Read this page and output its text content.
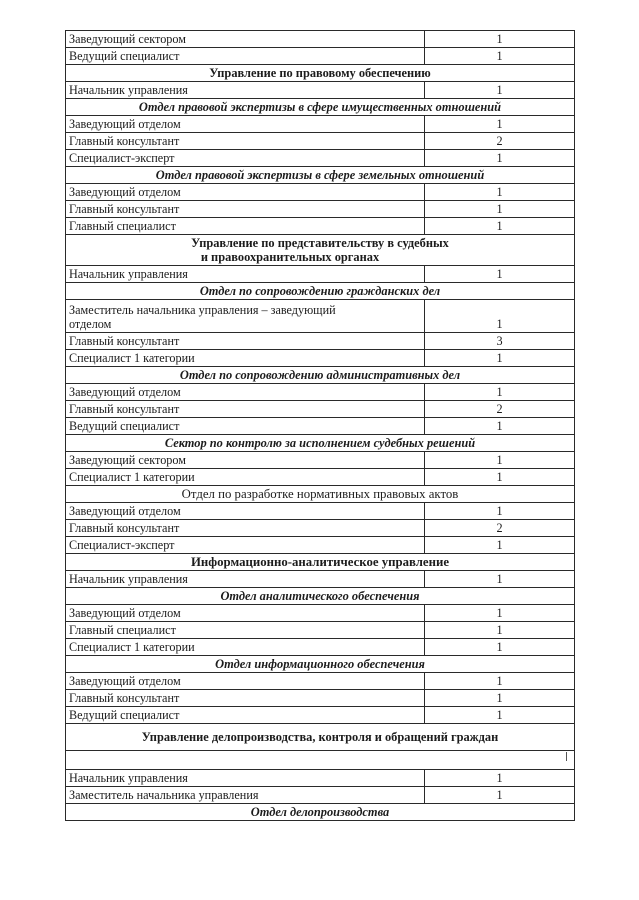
Заведующий сектором	1
Ведущий специалист	1
Управление по правовому обеспечению	
Начальник управления	1
Отдел правовой экспертизы в сфере имущественных отношений	
Заведующий отделом	1
Главный консультант	2
Специалист-эксперт	1
Отдел правовой экспертизы в сфере земельных отношений	
Заведующий отделом	1
Главный консультант	1
Главный специалист	1

Управление по представительству в судебных
и правоохранительных органах	

Начальник управления	1
Отдел по сопровождению гражданских дел	

Заместитель начальника управления – заведующий
отделом	1
Главный консультант	3
Специалист 1 категории	1
Отдел по сопровождению административных дел	
Заведующий отделом	1
Главный консультант	2
Ведущий специалист	1
Сектор по контролю за исполнением судебных решений	
Заведующий сектором	1
Специалист 1 категории	1
Отдел по разработке нормативных правовых актов	
Заведующий отделом	1
Главный консультант	2
Специалист-эксперт	1
Информационно-аналитическое управление	
Начальник управления	1
Отдел аналитического обеспечения	
Заведующий отделом	1
Главный специалист	1
Специалист 1 категории	1
Отдел информационного обеспечения	
Заведующий отделом	1
Главный консультант	1
Ведущий специалист	1
Управление делопроизводства, контроля и обращений граждан	

Начальник управления	1
Заместитель начальника управления	1
Отдел делопроизводства	
